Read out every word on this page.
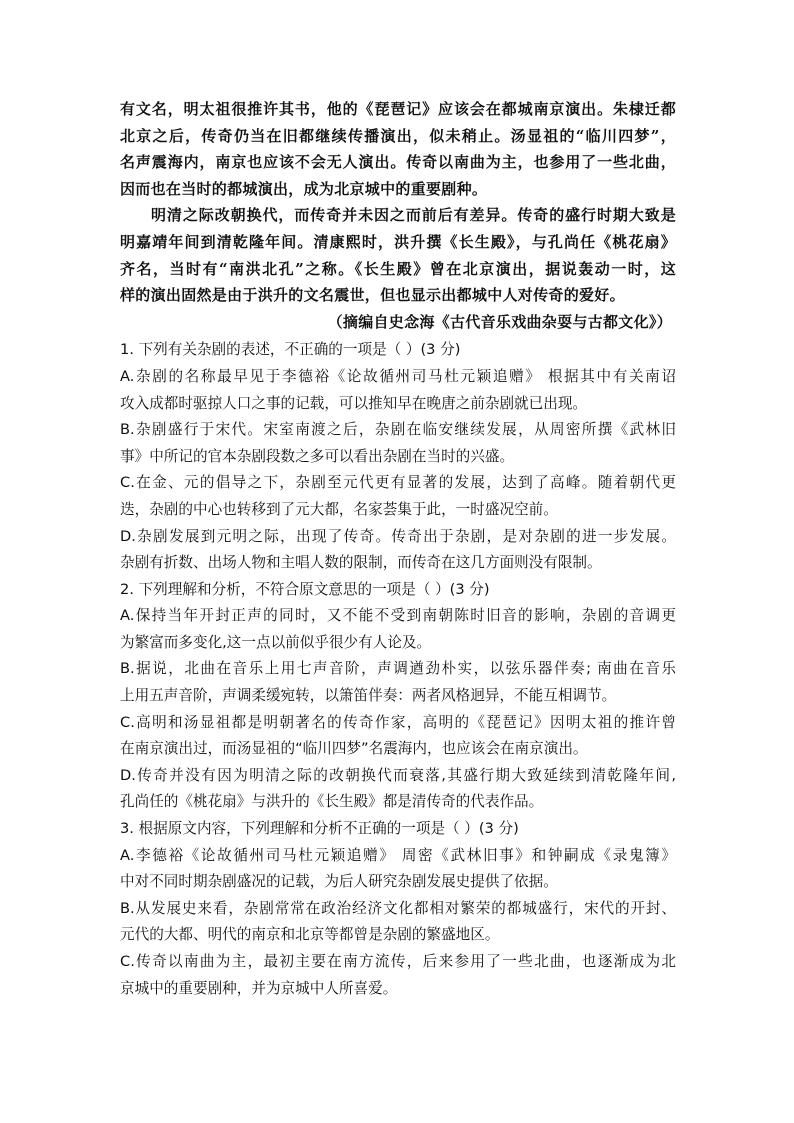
有文名，明太祖很推许其书，他的《琵琶记》应该会在都城南京演出。朱棣迁都
北京之后，传奇仍当在旧都继续传播演出，似未稍止。汤显祖的“临川四梦”，
名声震海内，南京也应该不会无人演出。传奇以南曲为主，也参用了一些北曲，
因而也在当时的都城演出，成为北京城中的重要剧种。
明清之际改朝换代，而传奇并未因之而前后有差异。传奇的盛行时期大致是
明嘉靖年间到清乾隆年间。清康熙时，洪升撰《长生殿》，与孔尚任《桃花扇》
齐名，当时有“南洪北孔”之称。《长生殿》曾在北京演出，据说轰动一时，这
样的演出固然是由于洪升的文名震世，但也显示出都城中人对传奇的爱好。
（摘编自史念海《古代音乐戏曲杂耍与古都文化》）
1. 下列有关杂剧的表述，不正确的一项是（ ）(3 分)
A.杂剧的名称最早见于李德裕《论故循州司马杜元颖追赠》 根据其中有关南诏
攻入成都时驱掠人口之事的记载，可以推知早在晚唐之前杂剧就已出现。
B.杂剧盛行于宋代。宋室南渡之后，杂剧在临安继续发展，从周密所撰《武林旧
事》中所记的官本杂剧段数之多可以看出杂剧在当时的兴盛。
C.在金、元的倡导之下，杂剧至元代更有显著的发展，达到了高峰。随着朝代更
迭，杂剧的中心也转移到了元大都，名家荟集于此，一时盛况空前。
D.杂剧发展到元明之际，出现了传奇。传奇出于杂剧，是对杂剧的进一步发展。
杂剧有折数、出场人物和主唱人数的限制，而传奇在这几方面则没有限制。
2. 下列理解和分析，不符合原文意思的一项是（ ）(3 分)
A.保持当年开封正声的同时，又不能不受到南朝陈时旧音的影响，杂剧的音调更
为繁富而多变化,这一点以前似乎很少有人论及。
B.据说，北曲在音乐上用七声音阶，声调遒劲朴实，以弦乐器伴奏; 南曲在音乐
上用五声音阶，声调柔缓宛转，以箫笛伴奏：两者风格迥异，不能互相调节。
C.高明和汤显祖都是明朝著名的传奇作家，高明的《琵琶记》因明太祖的推许曾
在南京演出过，而汤显祖的“临川四梦”名震海内，也应该会在南京演出。
D.传奇并没有因为明清之际的改朝换代而衰落,其盛行期大致延续到清乾隆年间,
孔尚任的《桃花扇》与洪升的《长生殿》都是清传奇的代表作品。
3. 根据原文内容，下列理解和分析不正确的一项是（ ）(3 分)
A.李德裕《论故循州司马杜元颖追赠》 周密《武林旧事》和钟嗣成《录鬼簿》
中对不同时期杂剧盛况的记载，为后人研究杂剧发展史提供了依据。
B.从发展史来看，杂剧常常在政治经济文化都相对繁荣的都城盛行，宋代的开封、
元代的大都、明代的南京和北京等都曾是杂剧的繁盛地区。
C.传奇以南曲为主，最初主要在南方流传，后来参用了一些北曲，也逐渐成为北
京城中的重要剧种，并为京城中人所喜爱。
